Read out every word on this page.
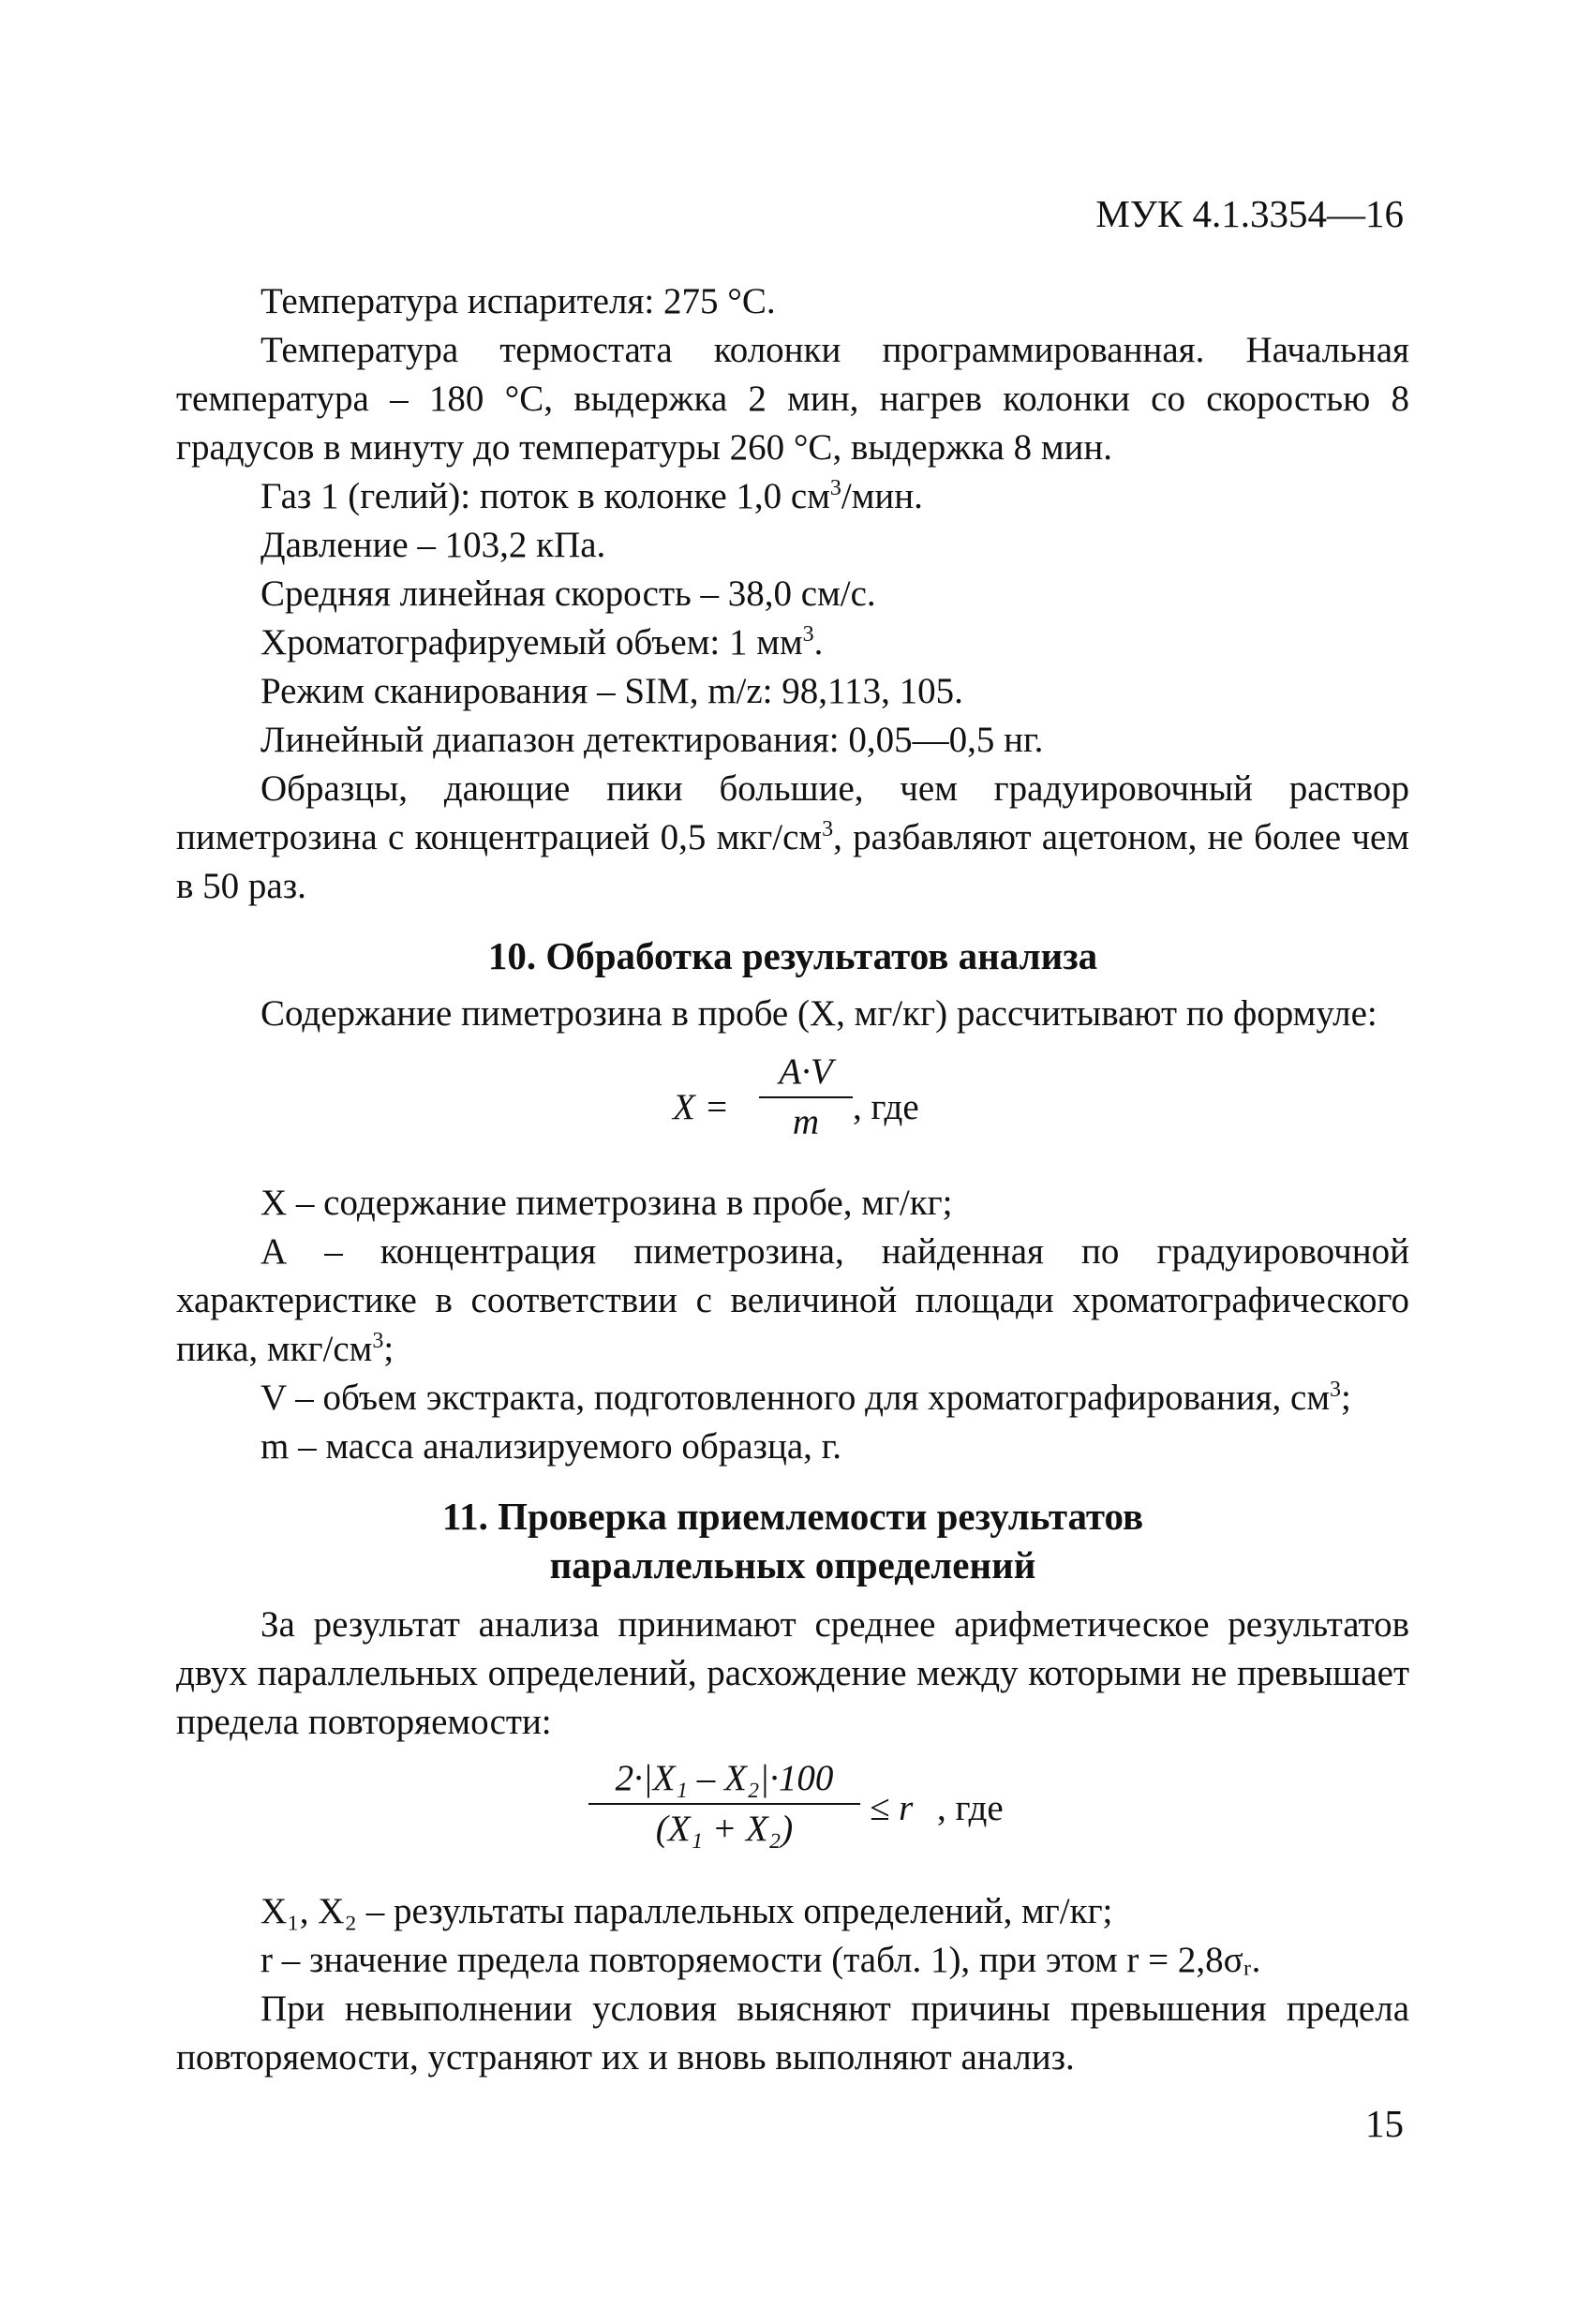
МУК 4.1.3354—16

Температура испарителя: 275 °С.

Температура термостата колонки программированная. Начальная температура – 180 °С, выдержка 2 мин, нагрев колонки со скоростью 8 градусов в минуту до температуры 260 °С, выдержка 8 мин.

Газ 1 (гелий): поток в колонке 1,0 $см^3$/мин.

Давление – 103,2 кПа.

Средняя линейная скорость – 38,0 см/с.

Хроматографируемый объем: 1 $мм^3$.

Режим сканирования – SIM, m/z: 98,113, 105.

Линейный диапазон детектирования: 0,05—0,5 нг.

Образцы, дающие пики большие, чем градуировочный раствор пиметрозина с концентрацией 0,5 мкг/$см^3$, разбавляют ацетоном, не более чем в 50 раз.

10. Обработка результатов анализа

Содержание пиметрозина в пробе (Х, мг/кг) рассчитывают по формуле:

$X = \frac{A\cdot V}{m}$ , где

X – содержание пиметрозина в пробе, мг/кг;

А – концентрация пиметрозина, найденная по градуировочной характеристике в соответствии с величиной площади хроматографического пика, мкг/$см^3$;

V – объем экстракта, подготовленного для хроматографирования, $см^3$;

m – масса анализируемого образца, г.

11. Проверка приемлемости результатов

параллельных определений

За результат анализа принимают среднее арифметическое результатов двух параллельных определений, расхождение между которыми не превышает предела повторяемости:

$\frac{\text{2·|X₁ – X₂|·100}}{\text{(X₁ + X₂)}} \le r$ , где

X₁, X₂ – результаты параллельных определений, мг/кг;

r – значение предела повторяемости (табл. 1), при этом r = 2,8σᵣ.

При невыполнении условия выясняют причины превышения предела повторяемости, устраняют их и вновь выполняют анализ.

15
